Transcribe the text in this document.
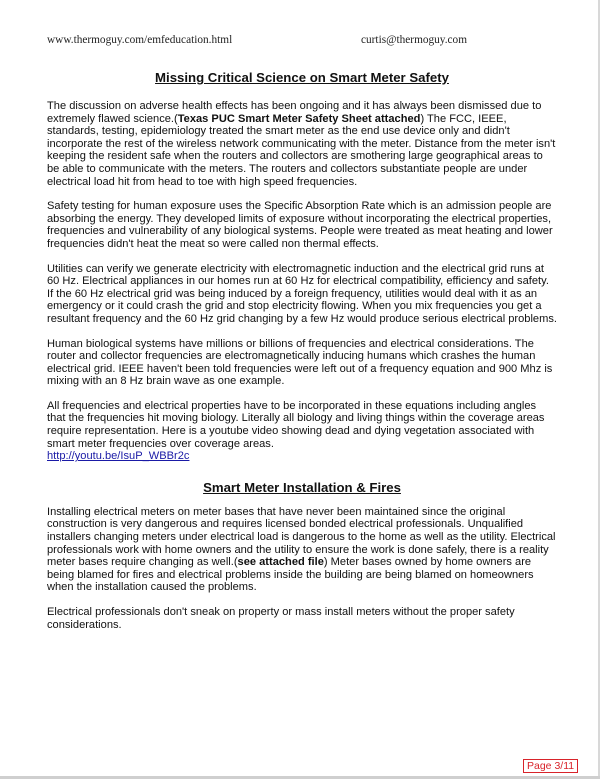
www.thermoguy.com/emfeducation.html	curtis@thermoguy.com
Missing Critical Science on Smart Meter Safety

The discussion on adverse health effects has been ongoing and it has always been dismissed due to extremely flawed science.(Texas PUC Smart Meter Safety Sheet attached) The FCC, IEEE, standards, testing, epidemiology treated the smart meter as the end use device only and didn't incorporate the rest of the wireless network communicating with the meter. Distance from the meter isn't keeping the resident safe when the routers and collectors are smothering large geographical areas to be able to communicate with the meters. The routers and collectors substantiate people are under electrical load hit from head to toe with high speed frequencies.

Safety testing for human exposure uses the Specific Absorption Rate which is an admission people are absorbing the energy. They developed limits of exposure without incorporating the electrical properties, frequencies and vulnerability of any biological systems. People were treated as meat heating and lower frequencies didn't heat the meat so were called non thermal effects.

Utilities can verify we generate electricity with electromagnetic induction and the electrical grid runs at 60 Hz. Electrical appliances in our homes run at 60 Hz for electrical compatibility, efficiency and safety. If the 60 Hz electrical grid was being induced by a foreign frequency, utilities would deal with it as an emergency or it could crash the grid and stop electricity flowing. When you mix frequencies you get a resultant frequency and the 60 Hz grid changing by a few Hz would produce serious electrical problems.

Human biological systems have millions or billions of frequencies and electrical considerations. The router and collector frequencies are electromagnetically inducing humans which crashes the human electrical grid. IEEE haven't been told frequencies were left out of a frequency equation and 900 Mhz is mixing with an 8 Hz brain wave as one example.

All frequencies and electrical properties have to be incorporated in these equations including angles that the frequencies hit moving biology. Literally all biology and living things within the coverage areas require representation. Here is a youtube video showing dead and dying vegetation associated with smart meter frequencies over coverage areas.
http://youtu.be/IsuP_WBBr2c

Smart Meter Installation & Fires

Installing electrical meters on meter bases that have never been maintained since the original construction is very dangerous and requires licensed bonded electrical professionals. Unqualified installers changing meters under electrical load is dangerous to the home as well as the utility. Electrical professionals work with home owners and the utility to ensure the work is done safely, there is a reality meter bases require changing as well.(see attached file) Meter bases owned by home owners are being blamed for fires and electrical problems inside the building are being blamed on homeowners when the installation caused the problems.

Electrical professionals don't sneak on property or mass install meters without the proper safety considerations.

Page 3/11
